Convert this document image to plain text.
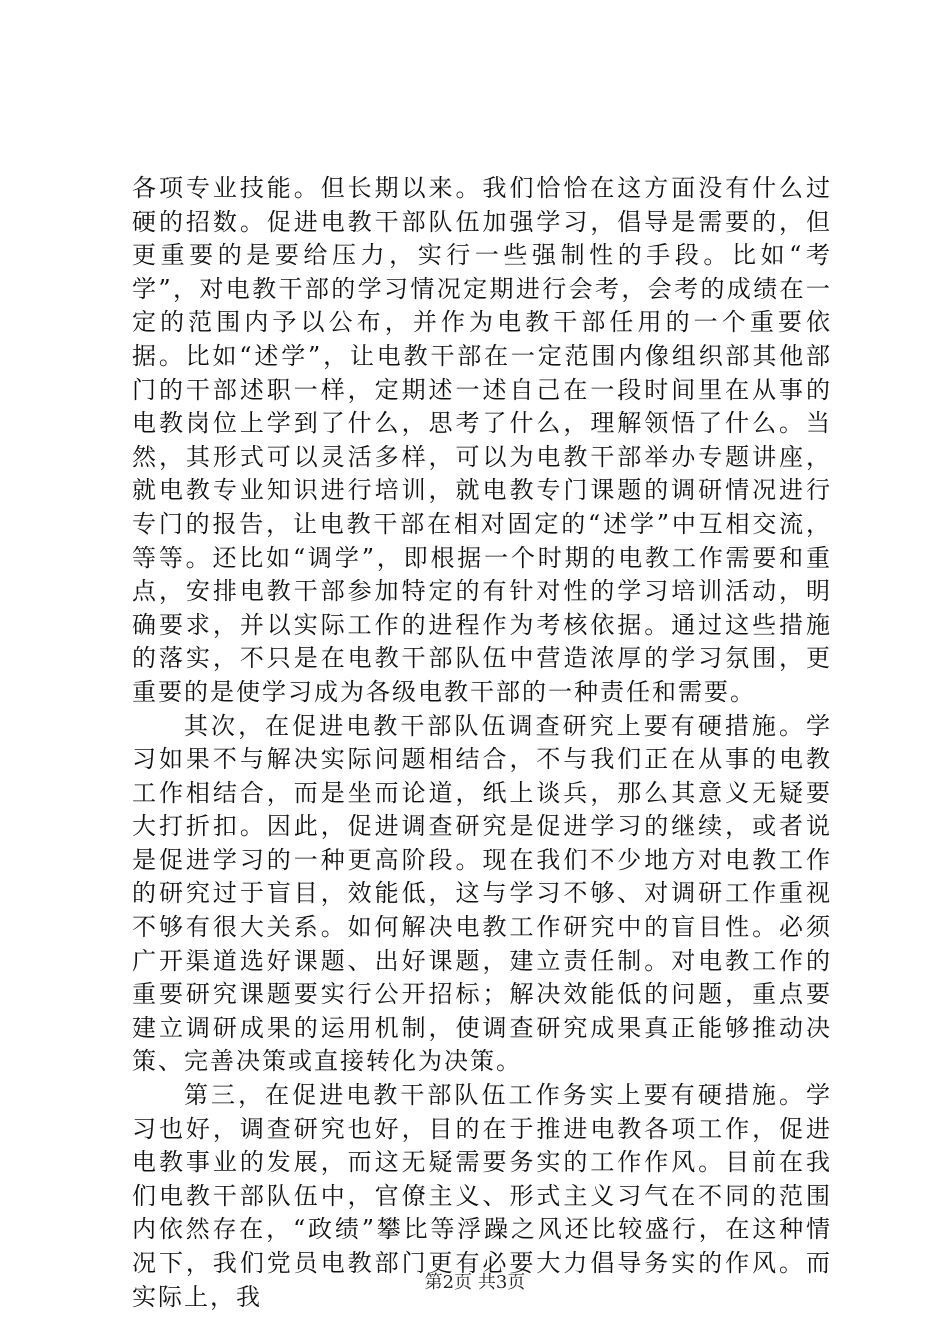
各项专业技能。但长期以来。我们恰恰在这方面没有什么过硬的招数。促进电教干部队伍加强学习，倡导是需要的，但更重要的是要给压力，实行一些强制性的手段。比如“考学”，对电教干部的学习情况定期进行会考，会考的成绩在一定的范围内予以公布，并作为电教干部任用的一个重要依据。比如“述学”，让电教干部在一定范围内像组织部其他部门的干部述职一样，定期述一述自己在一段时间里在从事的电教岗位上学到了什么，思考了什么，理解领悟了什么。当然，其形式可以灵活多样，可以为电教干部举办专题讲座，就电教专业知识进行培训，就电教专门课题的调研情况进行专门的报告，让电教干部在相对固定的“述学”中互相交流，等等。还比如“调学”，即根据一个时期的电教工作需要和重点，安排电教干部参加特定的有针对性的学习培训活动，明确要求，并以实际工作的进程作为考核依据。通过这些措施的落实，不只是在电教干部队伍中营造浓厚的学习氛围，更重要的是使学习成为各级电教干部的一种责任和需要。

其次，在促进电教干部队伍调查研究上要有硬措施。学习如果不与解决实际问题相结合，不与我们正在从事的电教工作相结合，而是坐而论道，纸上谈兵，那么其意义无疑要大打折扣。因此，促进调查研究是促进学习的继续，或者说是促进学习的一种更高阶段。现在我们不少地方对电教工作的研究过于盲目，效能低，这与学习不够、对调研工作重视不够有很大关系。如何解决电教工作研究中的盲目性。必须广开渠道选好课题、出好课题，建立责任制。对电教工作的重要研究课题要实行公开招标；解决效能低的问题，重点要建立调研成果的运用机制，使调查研究成果真正能够推动决策、完善决策或直接转化为决策。

第三，在促进电教干部队伍工作务实上要有硬措施。学习也好，调查研究也好，目的在于推进电教各项工作，促进电教事业的发展，而这无疑需要务实的工作作风。目前在我们电教干部队伍中，官僚主义、形式主义习气在不同的范围内依然存在，“政绩”攀比等浮躁之风还比较盛行，在这种情况下，我们党员电教部门更有必要大力倡导务实的作风。而实际上，我

第2页 共3页
